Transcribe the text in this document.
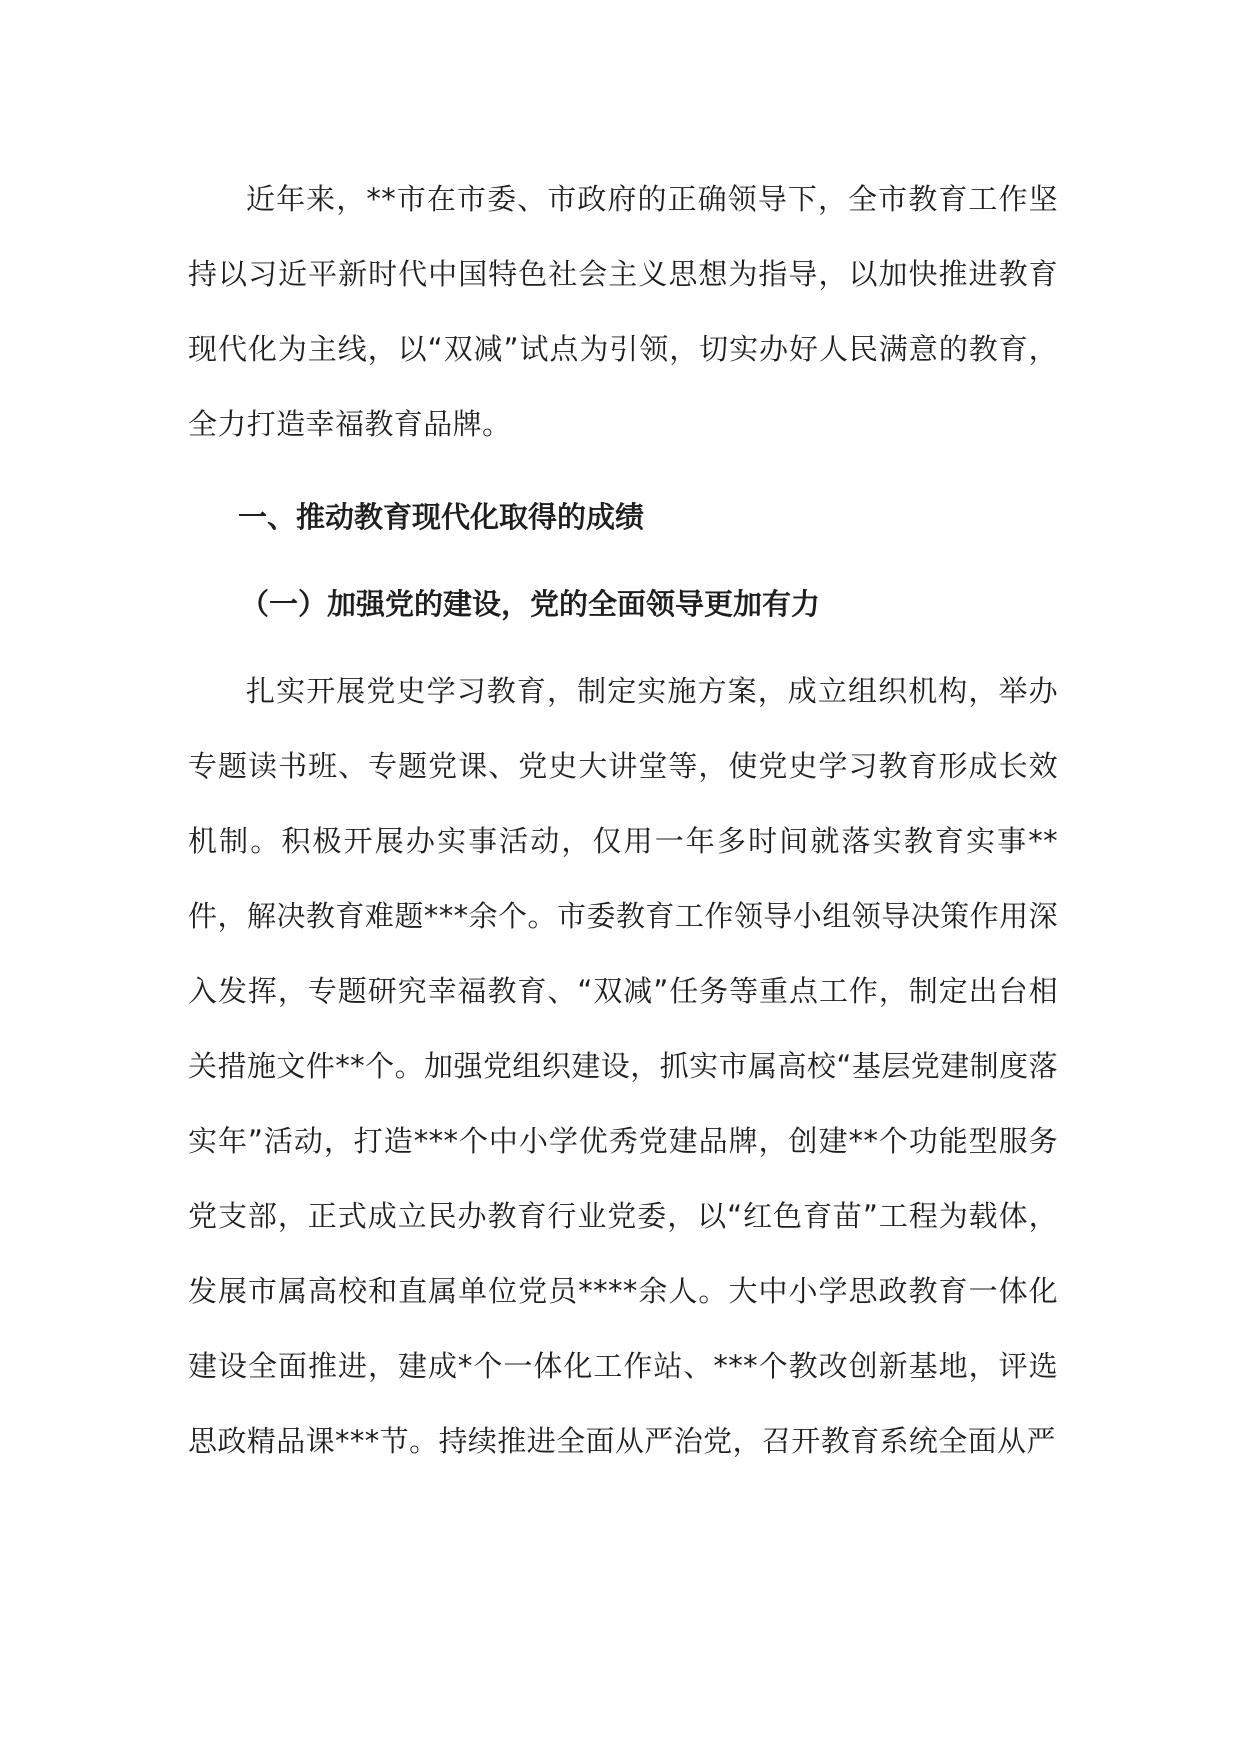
近年来，**市在市委、市政府的正确领导下，全市教育工作坚持以习近平新时代中国特色社会主义思想为指导，以加快推进教育现代化为主线，以“双减”试点为引领，切实办好人民满意的教育，全力打造幸福教育品牌。

一、推动教育现代化取得的成绩

（一）加强党的建设，党的全面领导更加有力

扎实开展党史学习教育，制定实施方案，成立组织机构，举办专题读书班、专题党课、党史大讲堂等，使党史学习教育形成长效机制。积极开展办实事活动，仅用一年多时间就落实教育实事**件，解决教育难题***余个。市委教育工作领导小组领导决策作用深入发挥，专题研究幸福教育、“双减”任务等重点工作，制定出台相关措施文件**个。加强党组织建设，抓实市属高校“基层党建制度落实年”活动，打造***个中小学优秀党建品牌，创建**个功能型服务党支部，正式成立民办教育行业党委，以“红色育苗”工程为载体，发展市属高校和直属单位党员****余人。大中小学思政教育一体化建设全面推进，建成*个一体化工作站、***个教改创新基地，评选思政精品课***节。持续推进全面从严治党，召开教育系统全面从严
